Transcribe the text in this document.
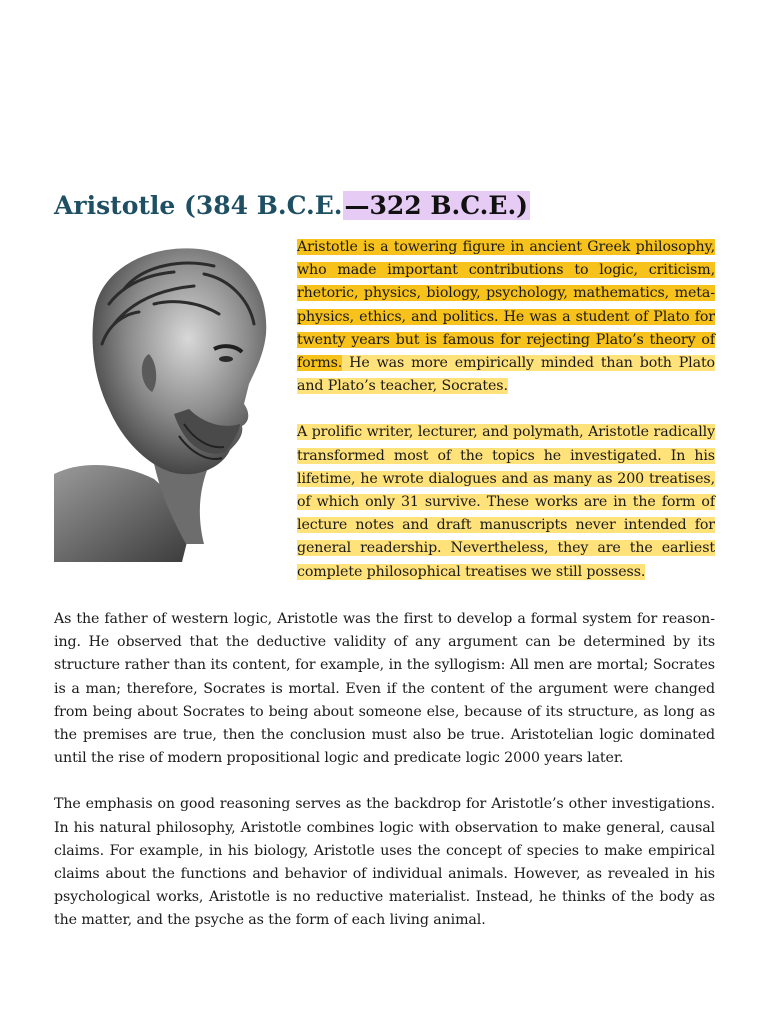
Aristotle (384 B.C.E.—322 B.C.E.)

Aristotle is a towering figure in ancient Greek philosophy, who made important contributions to logic, criticism, rhetoric, physics, biology, psychology, mathematics, metaphysics, ethics, and politics. He was a student of Plato for twenty years but is famous for rejecting Plato’s theory of forms. He was more empirically minded than both Plato and Plato’s teacher, Socrates.

A prolific writer, lecturer, and polymath, Aristotle radically transformed most of the topics he investigated. In his lifetime, he wrote dialogues and as many as 200 treatises, of which only 31 survive. These works are in the form of lecture notes and draft manuscripts never intended for general readership. Nevertheless, they are the earliest complete philosophical treatises we still possess.

As the father of western logic, Aristotle was the first to develop a formal system for reasoning. He observed that the deductive validity of any argument can be determined by its structure rather than its content, for example, in the syllogism: All men are mortal; Socrates is a man; therefore, Socrates is mortal. Even if the content of the argument were changed from being about Socrates to being about someone else, because of its structure, as long as the premises are true, then the conclusion must also be true. Aristotelian logic dominated until the rise of modern propositional logic and predicate logic 2000 years later.

The emphasis on good reasoning serves as the backdrop for Aristotle’s other investigations. In his natural philosophy, Aristotle combines logic with observation to make general, causal claims. For example, in his biology, Aristotle uses the concept of species to make empirical claims about the functions and behavior of individual animals. However, as revealed in his psychological works, Aristotle is no reductive materialist. Instead, he thinks of the body as the matter, and the psyche as the form of each living animal.
